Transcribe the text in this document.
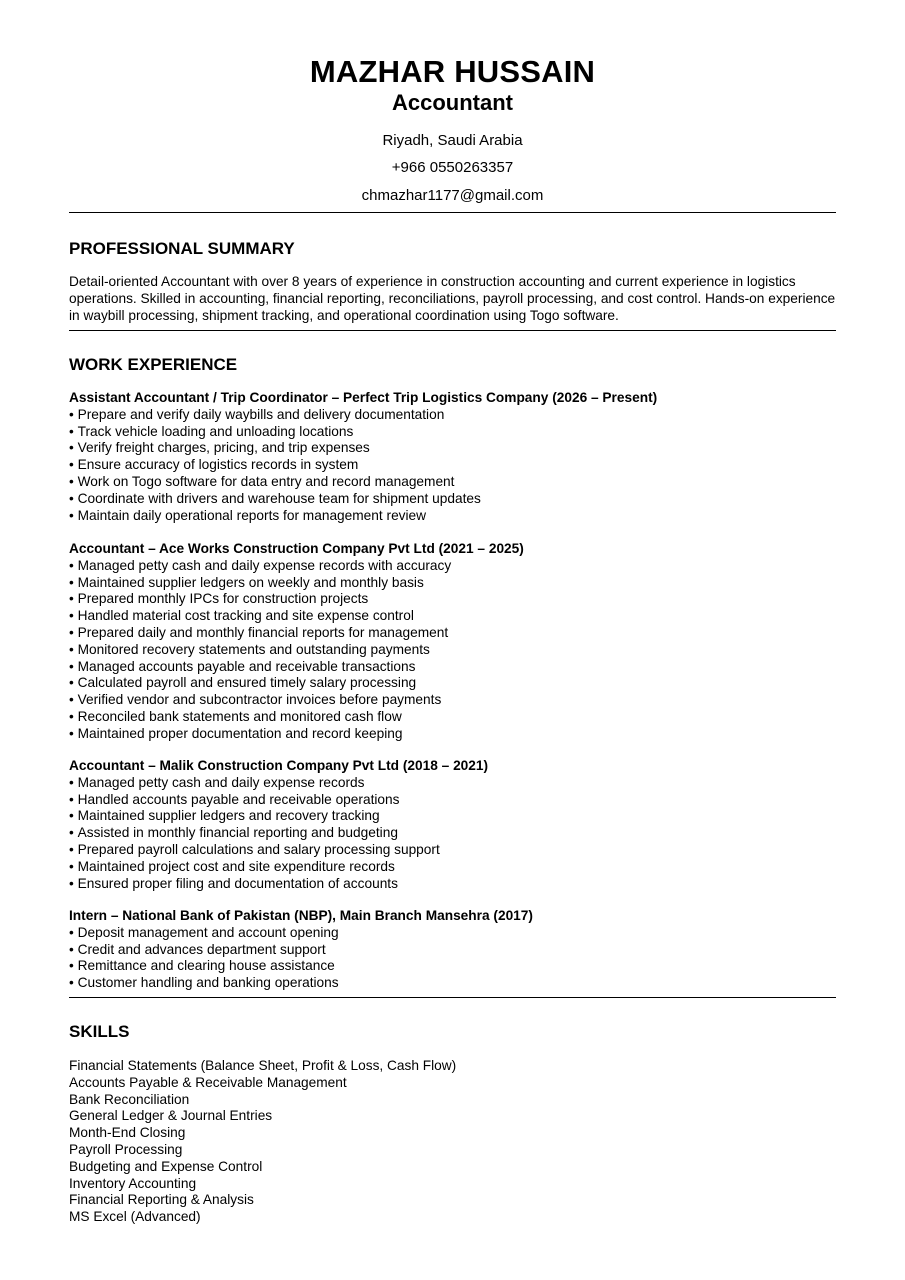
MAZHAR HUSSAIN
Accountant
Riyadh, Saudi Arabia
+966 0550263357
chmazhar1177@gmail.com
PROFESSIONAL SUMMARY

Detail-oriented Accountant with over 8 years of experience in construction accounting and current experience in logistics operations. Skilled in accounting, financial reporting, reconciliations, payroll processing, and cost control. Hands-on experience in waybill processing, shipment tracking, and operational coordination using Togo software.

WORK EXPERIENCE

Assistant Accountant / Trip Coordinator – Perfect Trip Logistics Company (2026 – Present)

• Prepare and verify daily waybills and delivery documentation
• Track vehicle loading and unloading locations
• Verify freight charges, pricing, and trip expenses
• Ensure accuracy of logistics records in system
• Work on Togo software for data entry and record management
• Coordinate with drivers and warehouse team for shipment updates
• Maintain daily operational reports for management review

Accountant – Ace Works Construction Company Pvt Ltd (2021 – 2025)

• Managed petty cash and daily expense records with accuracy
• Maintained supplier ledgers on weekly and monthly basis
• Prepared monthly IPCs for construction projects
• Handled material cost tracking and site expense control
• Prepared daily and monthly financial reports for management
• Monitored recovery statements and outstanding payments
• Managed accounts payable and receivable transactions
• Calculated payroll and ensured timely salary processing
• Verified vendor and subcontractor invoices before payments
• Reconciled bank statements and monitored cash flow
• Maintained proper documentation and record keeping

Accountant – Malik Construction Company Pvt Ltd (2018 – 2021)

• Managed petty cash and daily expense records
• Handled accounts payable and receivable operations
• Maintained supplier ledgers and recovery tracking
• Assisted in monthly financial reporting and budgeting
• Prepared payroll calculations and salary processing support
• Maintained project cost and site expenditure records
• Ensured proper filing and documentation of accounts

Intern – National Bank of Pakistan (NBP), Main Branch Mansehra (2017)

• Deposit management and account opening
• Credit and advances department support
• Remittance and clearing house assistance
• Customer handling and banking operations
SKILLS
Financial Statements (Balance Sheet, Profit & Loss, Cash Flow)
Accounts Payable & Receivable Management
Bank Reconciliation
General Ledger & Journal Entries
Month-End Closing
Payroll Processing
Budgeting and Expense Control
Inventory Accounting
Financial Reporting & Analysis
MS Excel (Advanced)
